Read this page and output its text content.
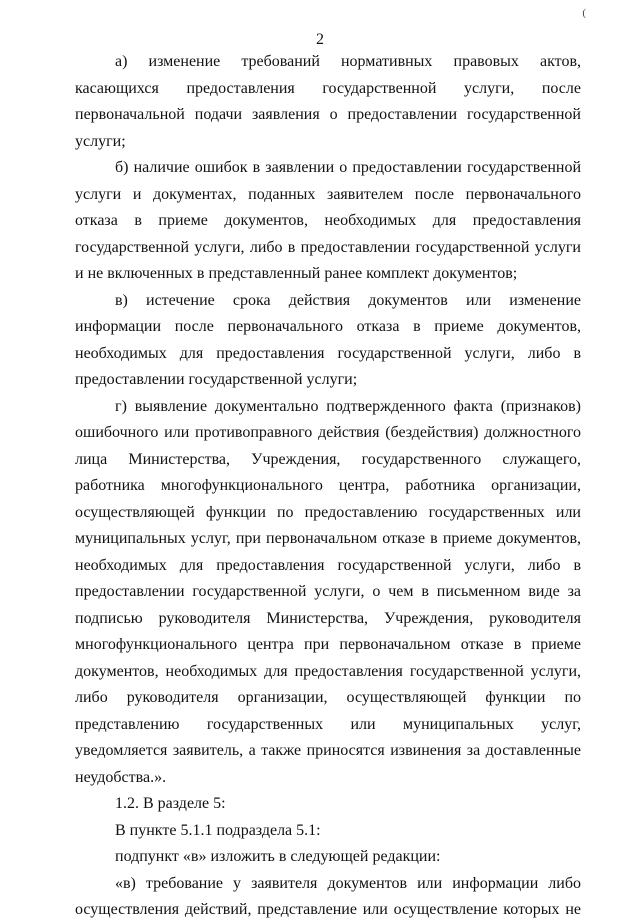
(
2

а) изменение требований нормативных правовых актов, касающихся предоставления государственной услуги, после первоначальной подачи заявления о предоставлении государственной услуги;

б) наличие ошибок в заявлении о предоставлении государственной услуги и документах, поданных заявителем после первоначального отказа в приеме документов, необходимых для предоставления государственной услуги, либо в предоставлении государственной услуги и не включенных в представленный ранее комплект документов;

в) истечение срока действия документов или изменение информации после первоначального отказа в приеме документов, необходимых для предоставления государственной услуги, либо в предоставлении государственной услуги;

г) выявление документально подтвержденного факта (признаков) ошибочного или противоправного действия (бездействия) должностного лица Министерства, Учреждения, государственного служащего, работника многофункционального центра, работника организации, осуществляющей функции по предоставлению государственных или муниципальных услуг, при первоначальном отказе в приеме документов, необходимых для предоставления государственной услуги, либо в предоставлении государственной услуги, о чем в письменном виде за подписью руководителя Министерства, Учреждения, руководителя многофункционального центра при первоначальном отказе в приеме документов, необходимых для предоставления государственной услуги, либо руководителя организации, осуществляющей функции по представлению государственных или муниципальных услуг, уведомляется заявитель, а также приносятся извинения за доставленные неудобства.».

1.2. В разделе 5:

В пункте 5.1.1 подраздела 5.1:

подпункт «в» изложить в следующей редакции:

«в) требование у заявителя документов или информации либо осуществления действий, представление или осуществление которых не
